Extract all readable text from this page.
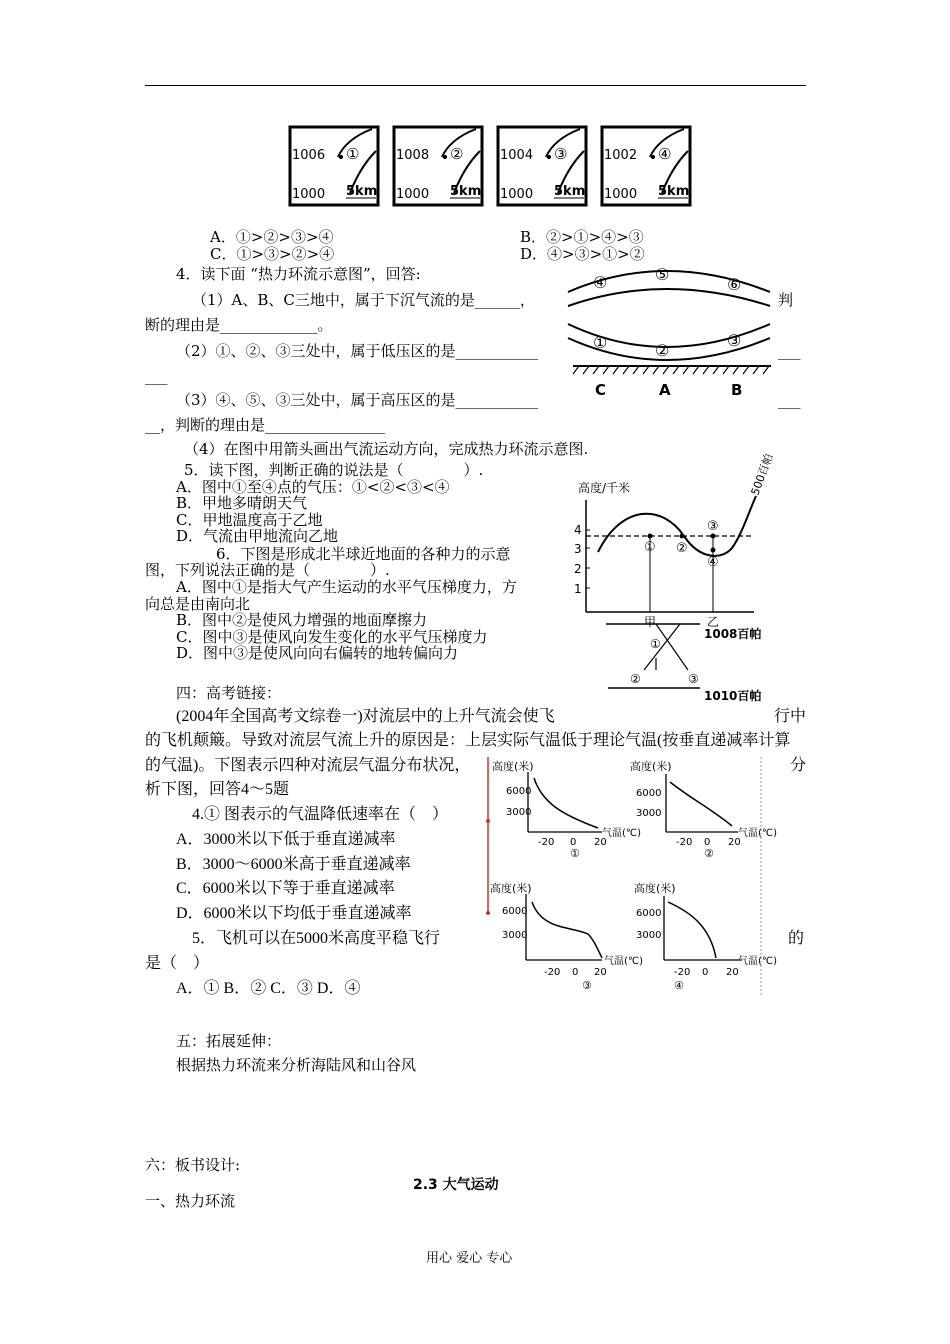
1006 ①
1000 5km
1008 ②
1000 5km
1004 ③
1000 5km
1002 ④
1000 5km
A．①>②>③>④	B．②>①>④>③
C．①>③>②>④	D．④>③>①>②
4．读下面 “热力环流示意图”，回答:
（1）A、B、C三地中，属于下沉气流的是______，	判
断的理由是_____________。
（2）①、②、③三处中，属于低压区的是___________	___
___
（3）④、⑤、③三处中，属于高压区的是___________	___
__，判断的理由是________________
（4）在图中用箭头画出气流运动方向，完成热力环流示意图.
④	⑤
⑥
①	②
③
C	A	B
5．读下图，判断正确的说法是（　　　　）.
A．图中①至④点的气压：①<②<③<④
B．甲地多晴朗天气
C．甲地温度高于乙地
D．气流由甲地流向乙地
高度/千米
4
3
2
1
500百帕
① ②
③
④
甲	乙
6．下图是形成北半球近地面的各种力的示意
图，下列说法正确的是（　　　　）.
A．图中①是指大气产生运动的水平气压梯度力，方
向总是由南向北
B．图中②是使风力增强的地面摩擦力
C．图中③是使风向发生变化的水平气压梯度力
D．图中③是使风向向右偏转的地转偏向力
1008百帕
1010百帕
①
②	③
四：高考链接：
(2004年全国高考文综卷一)对流层中的上升气流会使飞	行中
的飞机颠簸。导致对流层气流上升的原因是：上层实际气温低于理论气温(按垂直递减率计算
的气温)。下图表示四种对流层气温分布状况，	分
析下图，回答4～5题
4.① 图表示的气温降低速率在（　）
A．3000米以下低于垂直递减率
B．3000～6000米高于垂直递减率
C．6000米以下等于垂直递减率
D．6000米以下均低于垂直递减率
5．飞机可以在5000米高度平稳飞行	的
是（　）
A．① B．② C．③ D．④
高度(米)
6000
3000
-20 0 20
气温(℃)
①
高度(米)
6000
3000
-20 0 20
气温(℃)
②
高度(米)
6000
3000
-20 0 20
气温(℃)
③
高度(米)
6000
3000
-20 0 20
气温(℃)
④
五：拓展延伸：
根据热力环流来分析海陆风和山谷风
六：板书设计:
2.3 大气运动
一、热力环流
用心 爱心 专心
